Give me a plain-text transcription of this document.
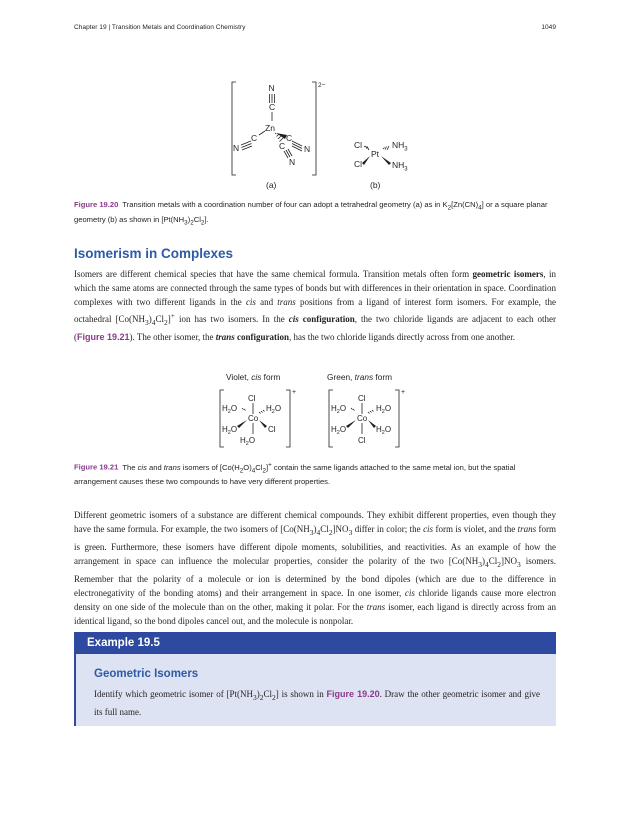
Chapter 19 | Transition Metals and Coordination Chemistry	1049
N
C
Zn
C
N
C
N
C
N
2−
Cl	$NH_3$
Pt
Cl	$NH_3$
(a)	(b)
Figure 19.20 Transition metals with a coordination number of four can adopt a tetrahedral geometry (a) as in $K_2[Zn(CN)_4]$ or a square planar geometry (b) as shown in $[Pt(NH_3)_2Cl_2]$.
Isomerism in Complexes

Isomers are different chemical species that have the same chemical formula. Transition metals often form geometric isomers, in which the same atoms are connected through the same types of bonds but with differences in their orientation in space. Coordination complexes with two different ligands in the cis and trans positions from a ligand of interest form isomers. For example, the octahedral $[Co(NH_3)_4Cl_2]^+$ ion has two isomers. In the cis configuration, the two chloride ligands are adjacent to each other (Figure 19.21). The other isomer, the trans configuration, has the two chloride ligands directly across from one another.

Violet, cis form	Green, trans form
+
Cl
$H_2O$	$H_2O$
Co
$H_2O$	Cl
$H_2O$
+
Cl
$H_2O$	$H_2O$
Co
$H_2O$	$H_2O$
Cl
Figure 19.21 The cis and trans isomers of $[Co(H_2O)_4Cl_2]^+$ contain the same ligands attached to the same metal ion, but the spatial arrangement causes these two compounds to have very different properties.

Different geometric isomers of a substance are different chemical compounds. They exhibit different properties, even though they have the same formula. For example, the two isomers of $[Co(NH_3)_4Cl_2]NO_3$ differ in color; the cis form is violet, and the trans form is green. Furthermore, these isomers have different dipole moments, solubilities, and reactivities. As an example of how the arrangement in space can influence the molecular properties, consider the polarity of the two $[Co(NH_3)_4Cl_2]NO_3$ isomers. Remember that the polarity of a molecule or ion is determined by the bond dipoles (which are due to the difference in electronegativity of the bonding atoms) and their arrangement in space. In one isomer, cis chloride ligands cause more electron density on one side of the molecule than on the other, making it polar. For the trans isomer, each ligand is directly across from an identical ligand, so the bond dipoles cancel out, and the molecule is nonpolar.

Example 19.5
Geometric Isomers

Identify which geometric isomer of $[Pt(NH_3)_2Cl_2]$ is shown in Figure 19.20. Draw the other geometric isomer and give its full name.
